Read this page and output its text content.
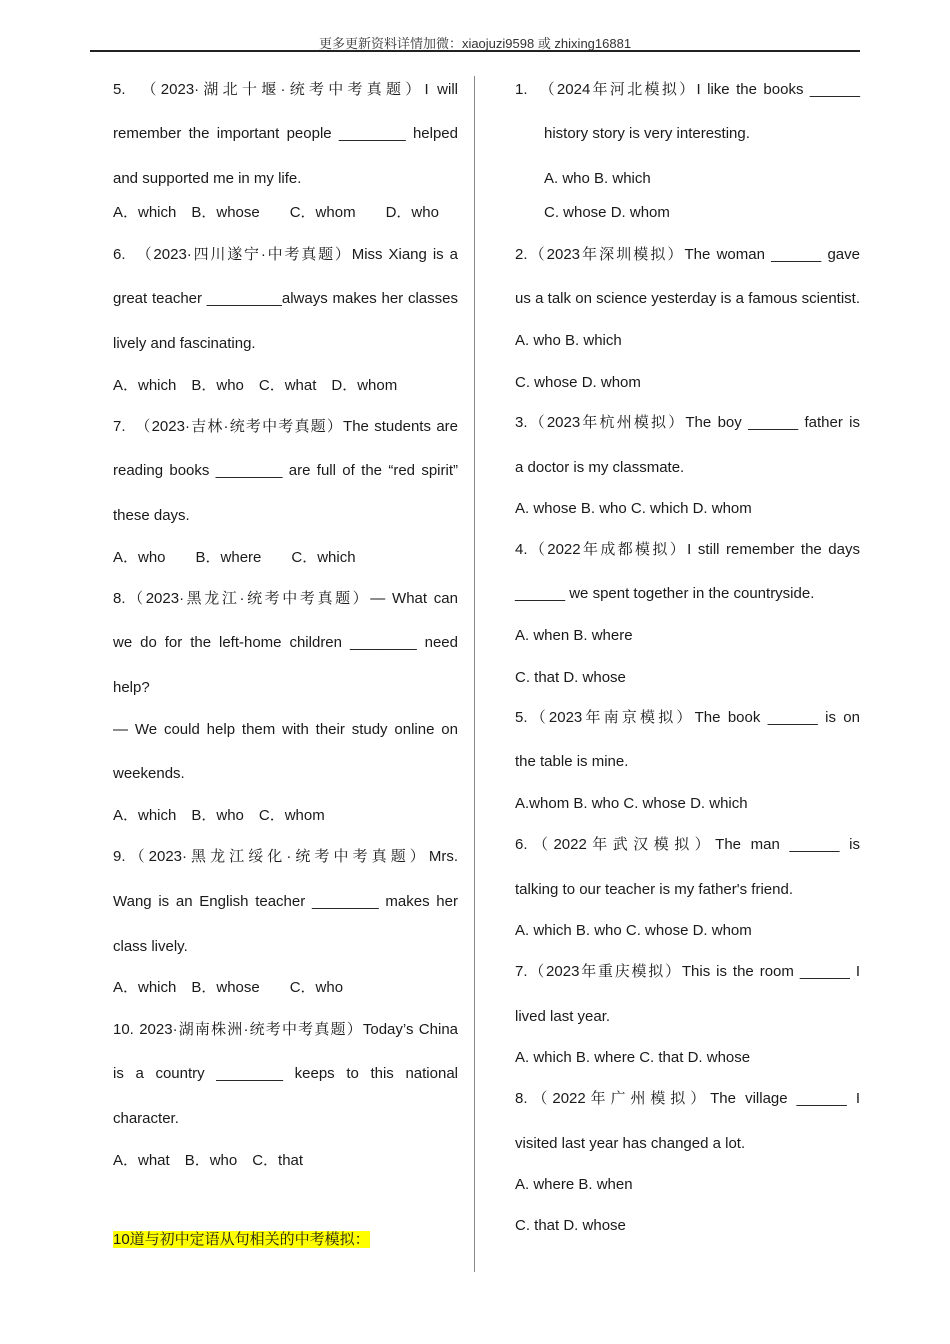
更多更新资料详情加微：xiaojuzi9598 或 zhixing16881
5.　（2023·湖北十堰·统考中考真题）I will
remember the important people ________ helped
and supported me in my life.
A．which　B．whose　　C．whom　　D．who
6.　（2023·四川遂宁·中考真题）Miss Xiang is a
great teacher _________always makes her classes
lively and fascinating.
A．which　B．who　C．what　D．whom
7.　（2023·吉林·统考中考真题）The students are
reading books ________ are full of the “red spirit”
these days.
A．who　　B．where　　C．which
8.（2023·黑龙江·统考中考真题）— What can
we do for the left-home children ________ need
help?
— We could help them with their study online on
weekends.
A．which　B．who　C．whom
9.（2023·黑龙江绥化·统考中考真题）Mrs.
Wang is an English teacher ________ makes her
class lively.
A．which　B．whose　　C．who
10. 2023·湖南株洲·统考中考真题）Today’s China
is a country ________ keeps to this national
character.
A．what　B．who　C．that
10道与初中定语从句相关的中考模拟：
1.　（2024年河北模拟）I like the books ______
history story is very interesting.
A. who B. which
C. whose D. whom
2.（2023年深圳模拟）The woman ______ gave
us a talk on science yesterday is a famous scientist.
A. who B. which
C. whose D. whom
3.（2023年杭州模拟）The boy ______ father is
a doctor is my classmate.
A. whose B. who C. which D. whom
4.（2022年成都模拟）I still remember the days
______ we spent together in the countryside.
A. when B. where
C. that D. whose
5.（2023年南京模拟）The book ______ is on
the table is mine.
A.whom B. who C. whose D. which
6.（2022年武汉模拟）The man ______ is
talking to our teacher is my father's friend.
A. which B. who C. whose D. whom
7.（2023年重庆模拟）This is the room ______ I
lived last year.
A. which B. where C. that D. whose
8.（2022年广州模拟）The village ______ I
visited last year has changed a lot.
A. where B. when
C. that D. whose
